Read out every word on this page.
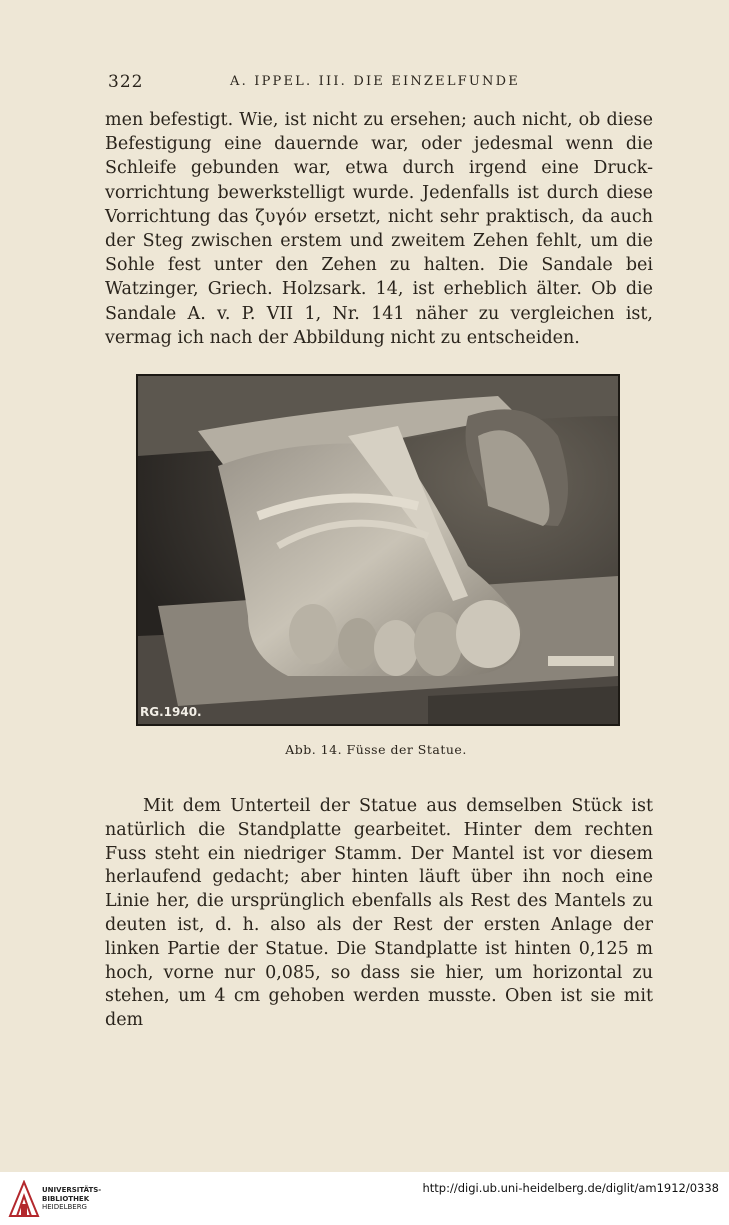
322	A. IPPEL. III. DIE EINZELFUNDE

men befestigt. Wie, ist nicht zu ersehen; auch nicht, ob diese Befestigung eine dauernde war, oder jedesmal wenn die Schleife gebunden war, etwa durch irgend eine Druck-vorrichtung bewerkstelligt wurde. Jedenfalls ist durch diese Vorrichtung das ζυγόν ersetzt, nicht sehr praktisch, da auch der Steg zwischen erstem und zweitem Zehen fehlt, um die Sohle fest unter den Zehen zu halten. Die Sandale bei Watzinger, Griech. Holzsark. 14, ist erheblich älter. Ob die Sandale A. v. P. VII 1, Nr. 141 näher zu vergleichen ist, vermag ich nach der Abbildung nicht zu entscheiden.

RG.1940.
Abb. 14. Füsse der Statue.

Mit dem Unterteil der Statue aus demselben Stück ist natürlich die Standplatte gearbeitet. Hinter dem rechten Fuss steht ein niedriger Stamm. Der Mantel ist vor diesem herlaufend gedacht; aber hinten läuft über ihn noch eine Linie her, die ursprünglich ebenfalls als Rest des Mantels zu deuten ist, d. h. also als der Rest der ersten Anlage der linken Partie der Statue. Die Standplatte ist hinten 0,125 m hoch, vorne nur 0,085, so dass sie hier, um horizontal zu stehen, um 4 cm gehoben werden musste. Oben ist sie mit dem

UNIVERSITÄTS-
BIBLIOTHEK
HEIDELBERG
http://digi.ub.uni-heidelberg.de/diglit/am1912/0338
